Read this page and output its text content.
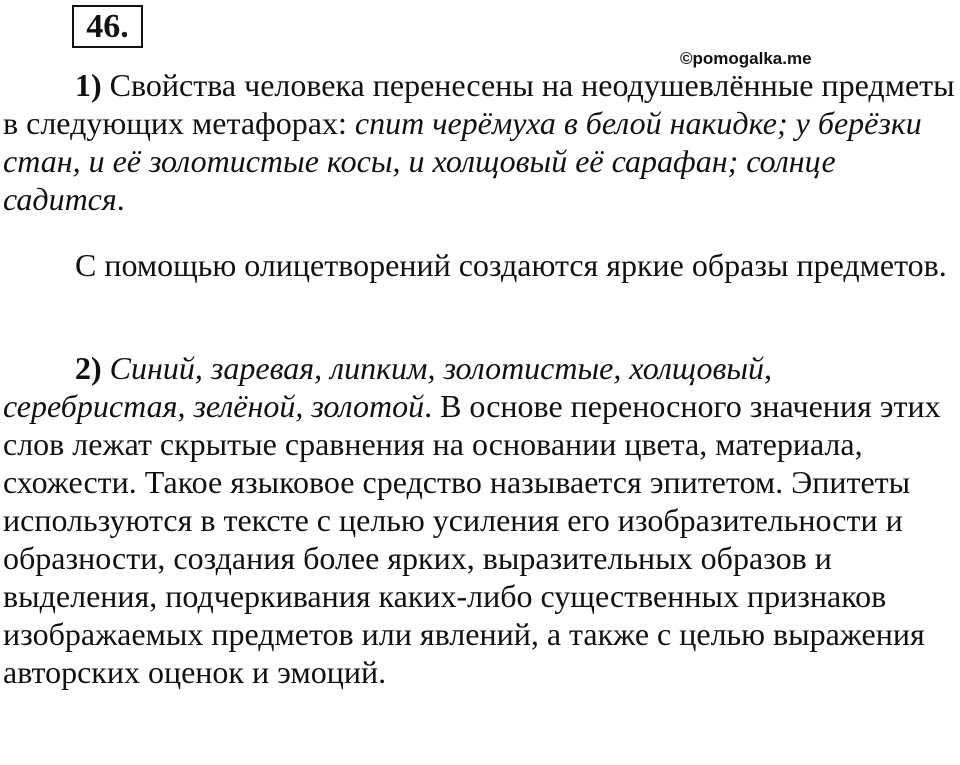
46.
©pomogalka.me

1) Свойства человека перенесены на неодушевлённые предметы в следующих метафорах: спит черёмуха в белой накидке; у берёзки стан, и её золотистые косы, и холщовый её сарафан; солнце садится.

С помощью олицетворений создаются яркие образы предметов.

2) Синий, заревая, липким, золотистые, холщовый, серебристая, зелёной, золотой. В основе переносного значения этих слов лежат скрытые сравнения на основании цвета, материала, схожести. Такое языковое средство называется эпитетом. Эпитеты используются в тексте с целью усиления его изобразительности и образности, создания более ярких, выразительных образов и выделения, подчеркивания каких-либо существенных признаков изображаемых предметов или явлений, а также с целью выражения авторских оценок и эмоций.
